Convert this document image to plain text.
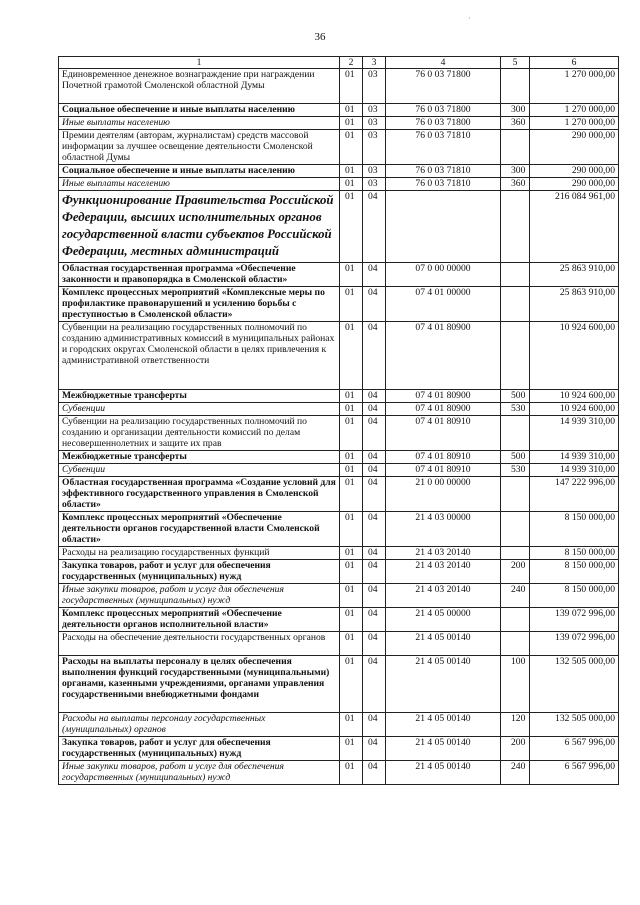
·
36
1	2	3	4	5	6
Единовременное денежное вознаграждение при награждении Почетной грамотой Смоленской областной Думы	01	03	76 0 03 71800		1 270 000,00
Социальное обеспечение и иные выплаты населению	01	03	76 0 03 71800	300	1 270 000,00
Иные выплаты населению	01	03	76 0 03 71800	360	1 270 000,00
Премии деятелям (авторам, журналистам) средств массовой информации за лучшее освещение деятельности Смоленской областной Думы	01	03	76 0 03 71810		290 000,00
Социальное обеспечение и иные выплаты населению	01	03	76 0 03 71810	300	290 000,00
Иные выплаты населению	01	03	76 0 03 71810	360	290 000,00
Функционирование Правительства Российской Федерации, высших исполнительных органов государственной власти субъектов Российской Федерации, местных администраций	01	04			216 084 961,00
Областная государственная программа «Обеспечение законности и правопорядка в Смоленской области»	01	04	07 0 00 00000		25 863 910,00
Комплекс процессных мероприятий «Комплексные меры по профилактике правонарушений и усилению борьбы с преступностью в Смоленской области»	01	04	07 4 01 00000		25 863 910,00
Субвенции на реализацию государственных полномочий по созданию административных комиссий в муниципальных районах и городских округах Смоленской области в целях привлечения к административной ответственности	01	04	07 4 01 80900		10 924 600,00
Межбюджетные трансферты	01	04	07 4 01 80900	500	10 924 600,00
Субвенции	01	04	07 4 01 80900	530	10 924 600,00
Субвенции на реализацию государственных полномочий по созданию и организации деятельности комиссий по делам несовершеннолетних и защите их прав	01	04	07 4 01 80910		14 939 310,00
Межбюджетные трансферты	01	04	07 4 01 80910	500	14 939 310,00
Субвенции	01	04	07 4 01 80910	530	14 939 310,00
Областная государственная программа «Создание условий для эффективного государственного управления в Смоленской области»	01	04	21 0 00 00000		147 222 996,00
Комплекс процессных мероприятий «Обеспечение деятельности органов государственной власти Смоленской области»	01	04	21 4 03 00000		8 150 000,00
Расходы на реализацию государственных функций	01	04	21 4 03 20140		8 150 000,00
Закупка товаров, работ и услуг для обеспечения государственных (муниципальных) нужд	01	04	21 4 03 20140	200	8 150 000,00
Иные закупки товаров, работ и услуг для обеспечения государственных (муниципальных) нужд	01	04	21 4 03 20140	240	8 150 000,00
Комплекс процессных мероприятий «Обеспечение деятельности органов исполнительной власти»	01	04	21 4 05 00000		139 072 996,00
Расходы на обеспечение деятельности государственных органов	01	04	21 4 05 00140		139 072 996,00
Расходы на выплаты персоналу в целях обеспечения выполнения функций государственными (муниципальными) органами, казенными учреждениями, органами управления государственными внебюджетными фондами	01	04	21 4 05 00140	100	132 505 000,00
Расходы на выплаты персоналу государственных (муниципальных) органов	01	04	21 4 05 00140	120	132 505 000,00
Закупка товаров, работ и услуг для обеспечения государственных (муниципальных) нужд	01	04	21 4 05 00140	200	6 567 996,00
Иные закупки товаров, работ и услуг для обеспечения государственных (муниципальных) нужд	01	04	21 4 05 00140	240	6 567 996,00
